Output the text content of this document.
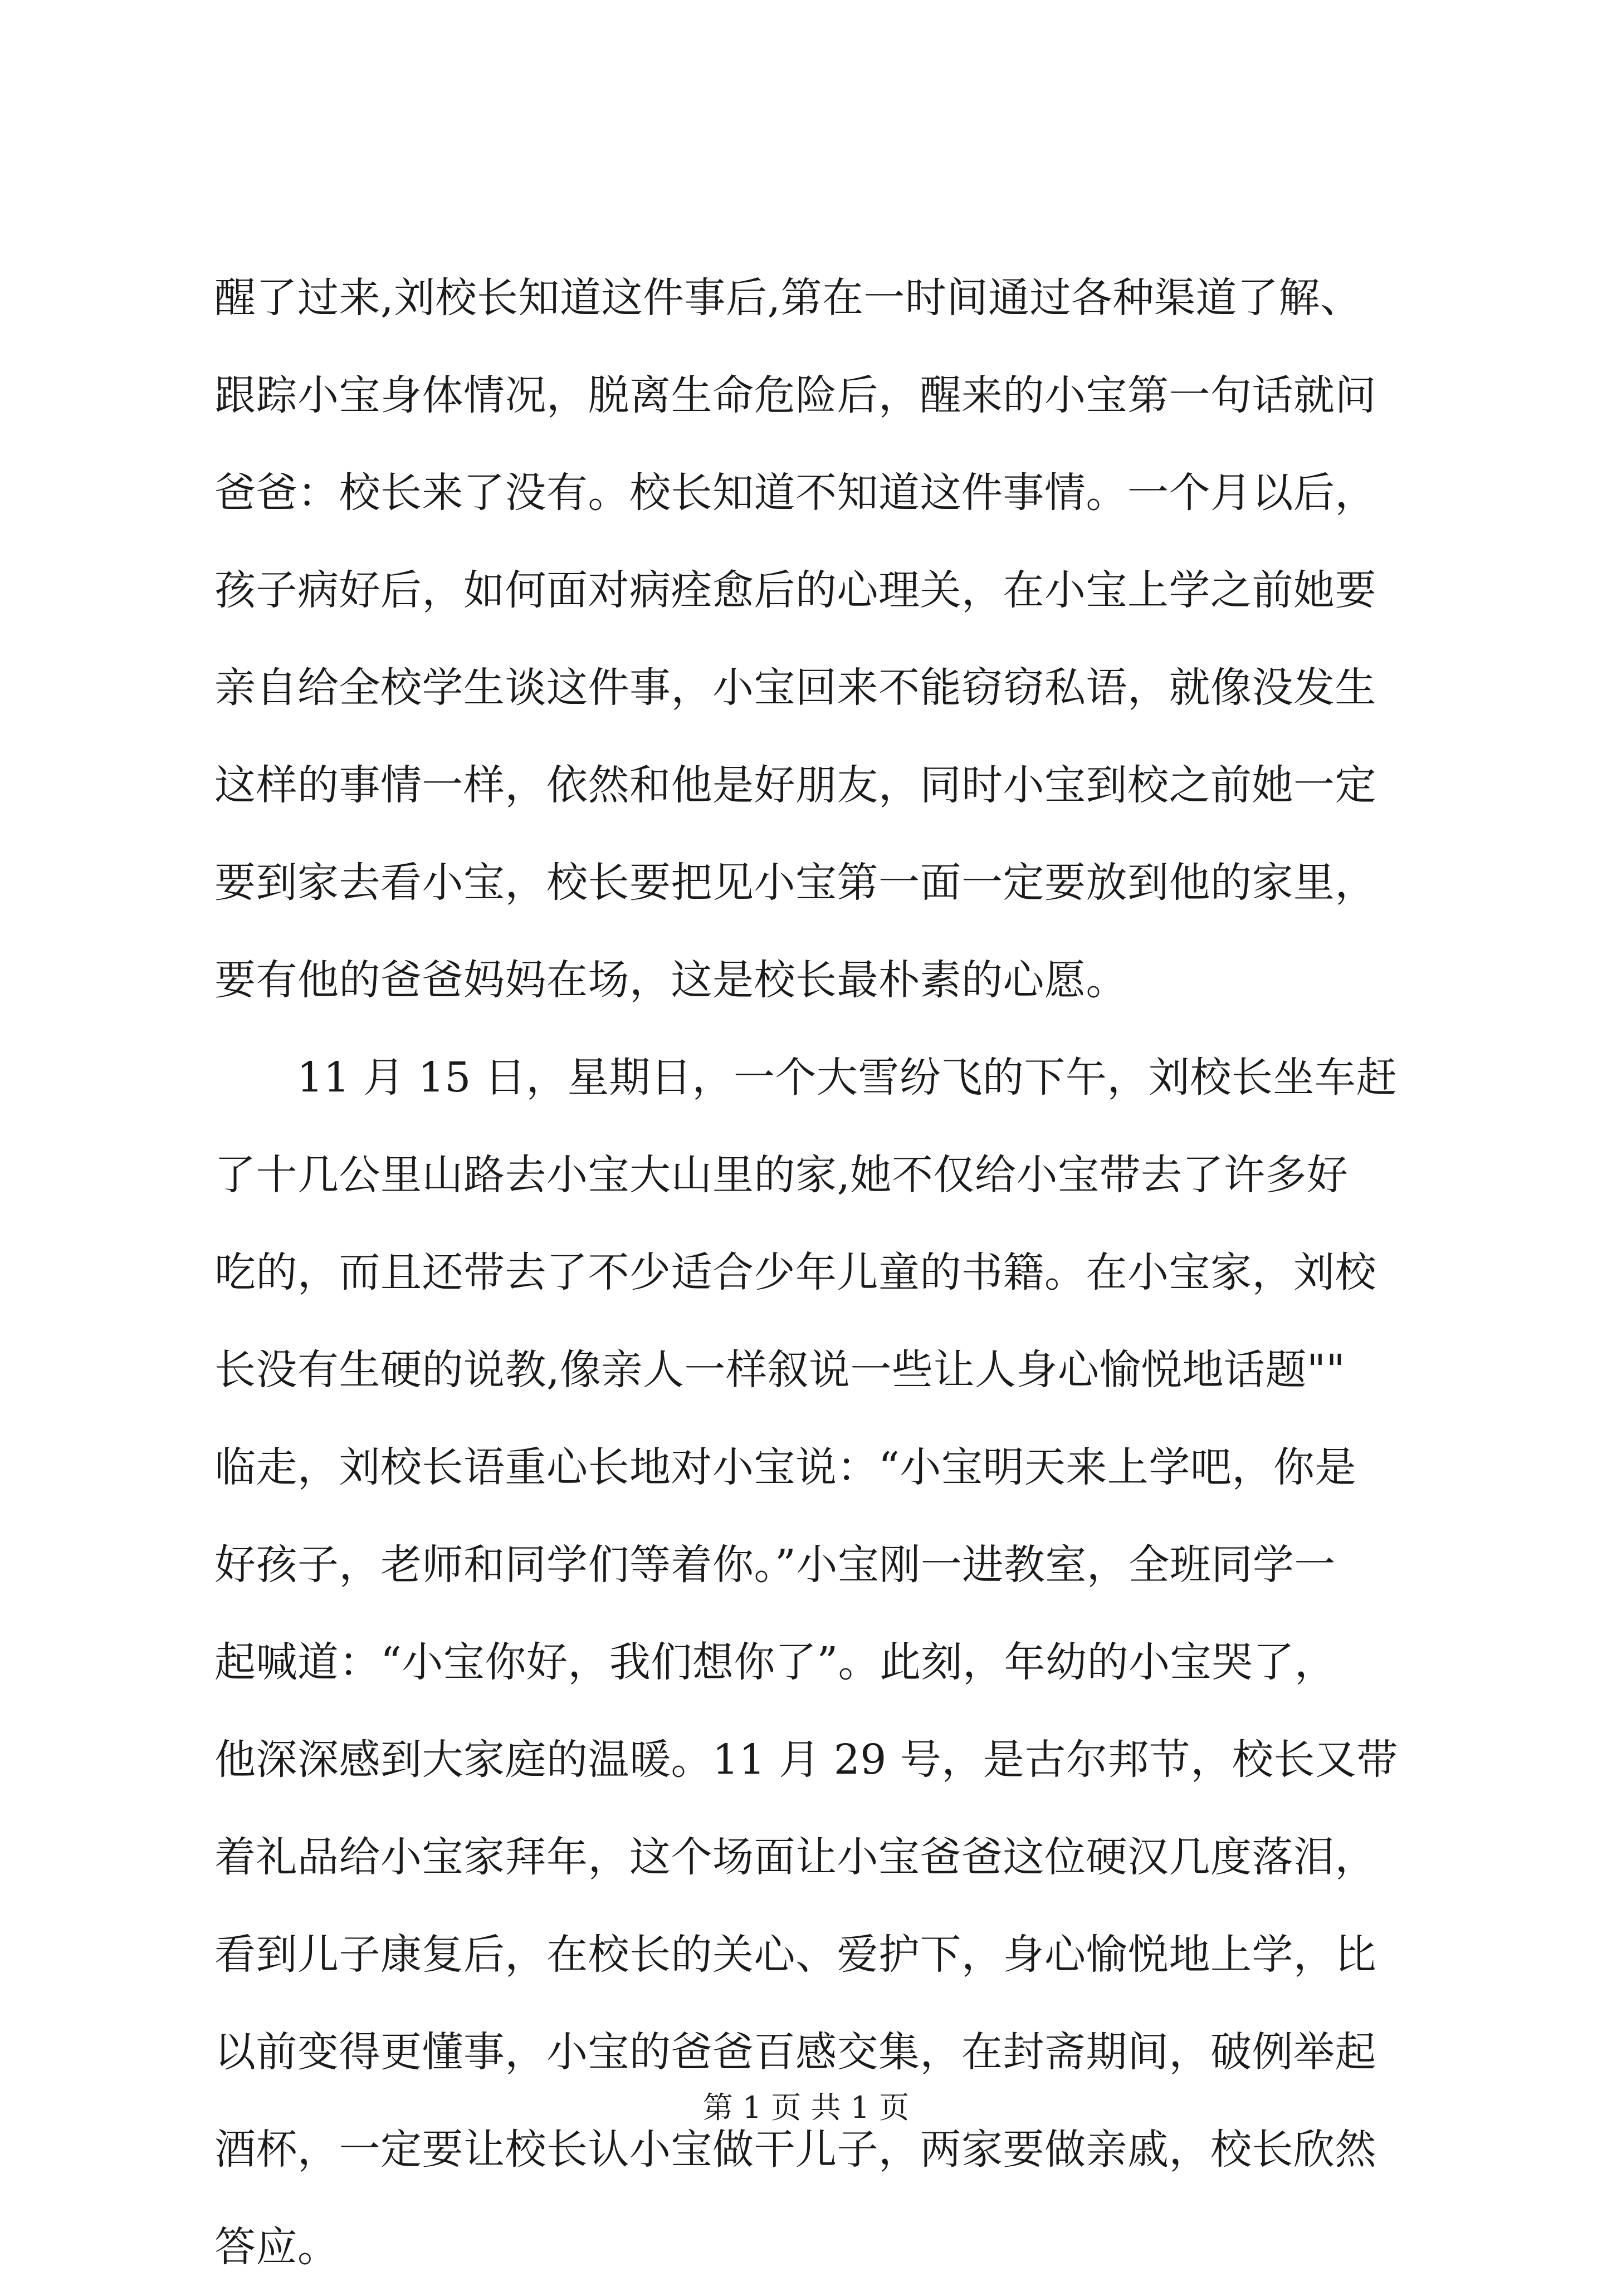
醒了过来,刘校长知道这件事后,第在一时间通过各种渠道了解、
跟踪小宝身体情况，脱离生命危险后，醒来的小宝第一句话就问
爸爸：校长来了没有。校长知道不知道这件事情。一个月以后，
孩子病好后，如何面对病痊愈后的心理关，在小宝上学之前她要
亲自给全校学生谈这件事，小宝回来不能窃窃私语，就像没发生
这样的事情一样，依然和他是好朋友，同时小宝到校之前她一定
要到家去看小宝，校长要把见小宝第一面一定要放到他的家里，
要有他的爸爸妈妈在场，这是校长最朴素的心愿。
11 月 15 日，星期日，一个大雪纷飞的下午，刘校长坐车赶
了十几公里山路去小宝大山里的家,她不仅给小宝带去了许多好
吃的，而且还带去了不少适合少年儿童的书籍。在小宝家，刘校
长没有生硬的说教,像亲人一样叙说一些让人身心愉悦地话题""
临走，刘校长语重心长地对小宝说：“小宝明天来上学吧，你是
好孩子，老师和同学们等着你。”小宝刚一进教室，全班同学一
起喊道：“小宝你好，我们想你了”。此刻，年幼的小宝哭了，
他深深感到大家庭的温暖。11 月 29 号，是古尔邦节，校长又带
着礼品给小宝家拜年，这个场面让小宝爸爸这位硬汉几度落泪，
看到儿子康复后，在校长的关心、爱护下，身心愉悦地上学，比
以前变得更懂事，小宝的爸爸百感交集，在封斋期间，破例举起
酒杯，一定要让校长认小宝做干儿子，两家要做亲戚，校长欣然
答应。
第 1 页 共 1 页
